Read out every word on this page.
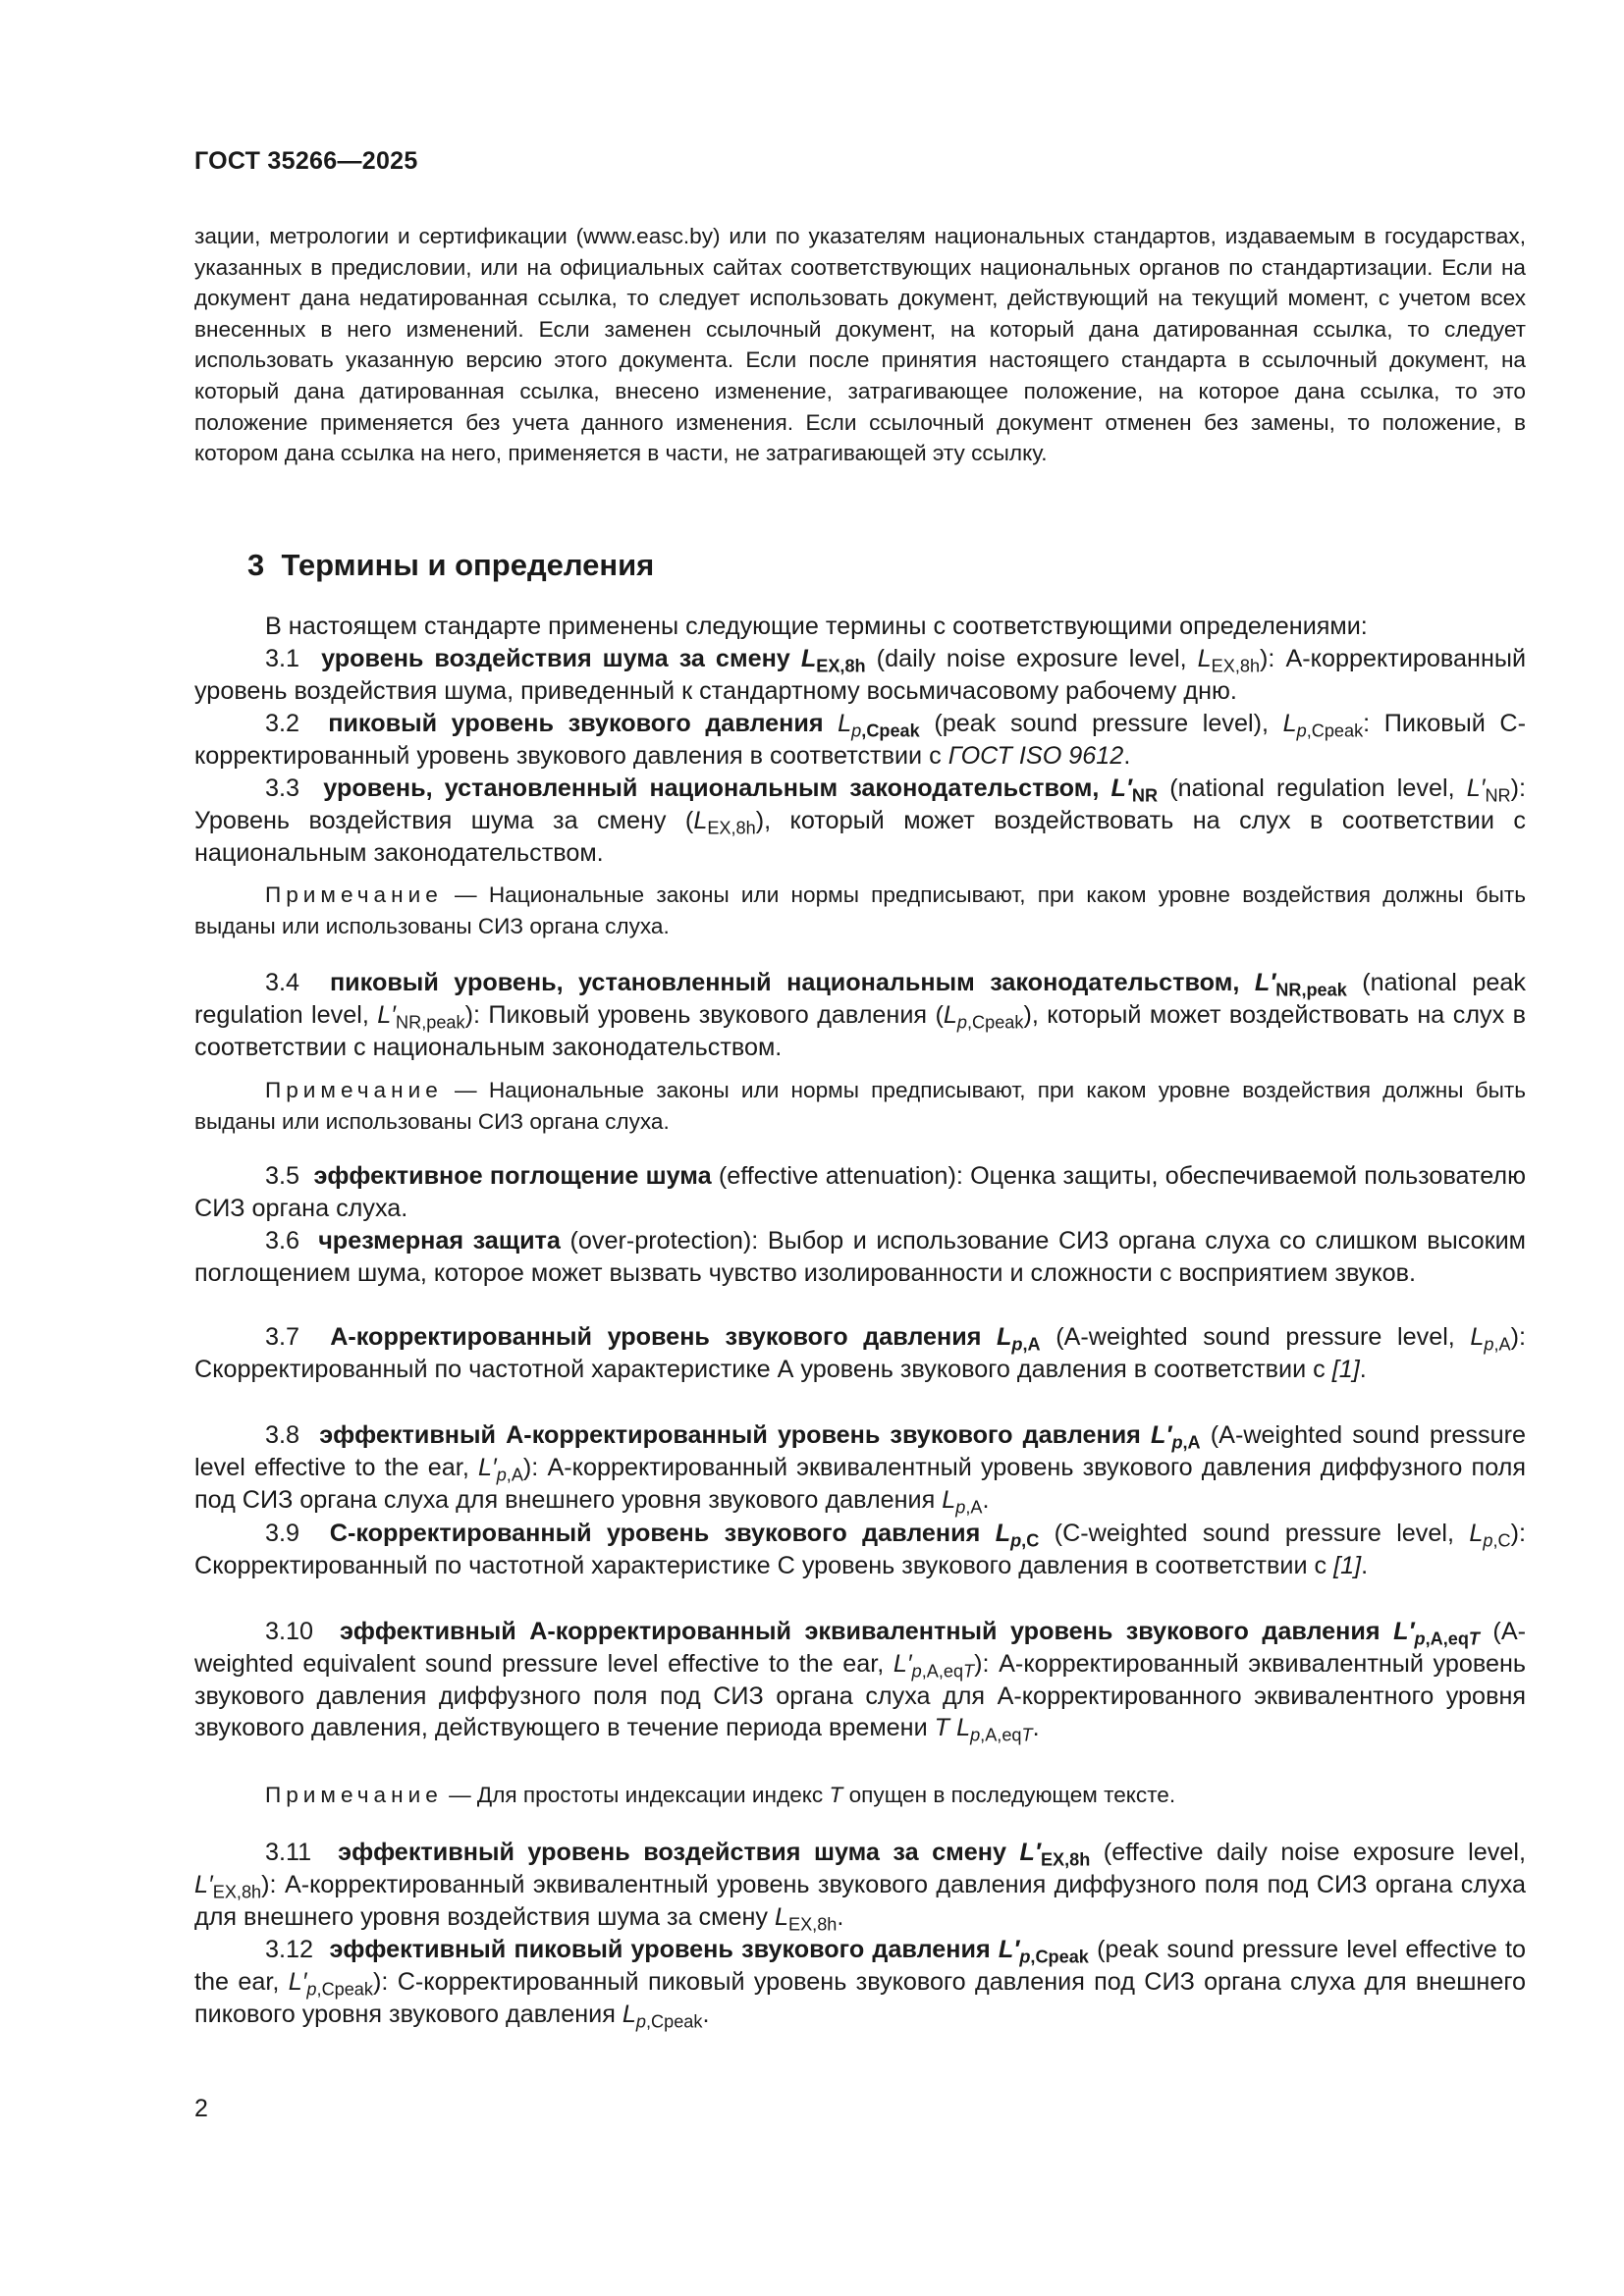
ГОСТ 35266—2025

зации, метрологии и сертификации (www.easc.by) или по указателям национальных стандартов, издаваемым в государствах, указанных в предисловии, или на официальных сайтах соответствующих национальных органов по стандартизации. Если на документ дана недатированная ссылка, то следует использовать документ, действующий на текущий момент, с учетом всех внесенных в него изменений. Если заменен ссылочный документ, на который дана датированная ссылка, то следует использовать указанную версию этого документа. Если после принятия настоящего стандарта в ссылочный документ, на который дана датированная ссылка, внесено изменение, затрагивающее положение, на которое дана ссылка, то это положение применяется без учета данного изменения. Если ссылочный документ отменен без замены, то положение, в котором дана ссылка на него, применяется в части, не затрагивающей эту ссылку.

3 Термины и определения

В настоящем стандарте применены следующие термины с соответствующими определениями:

3.1 уровень воздействия шума за смену $L_{EX,8h}$ (daily noise exposure level, $L_{EX,8h}$): А-корректированный уровень воздействия шума, приведенный к стандартному восьмичасовому рабочему дню.

3.2 пиковый уровень звукового давления $L_{p,Cpeak}$ (peak sound pressure level), $L_{p,Cpeak}$: Пиковый С-корректированный уровень звукового давления в соответствии с ГОСТ ISO 9612.

3.3 уровень, установленный национальным законодательством, $L'_{NR}$ (national regulation level, $L'_{NR}$): Уровень воздействия шума за смену $(L_{EX,8h})$, который может воздействовать на слух в соответствии с национальным законодательством.

Примечание — Национальные законы или нормы предписывают, при каком уровне воздействия должны быть выданы или использованы СИЗ органа слуха.

3.4 пиковый уровень, установленный национальным законодательством, $L'_{NR,peak}$ (national peak regulation level, $L'_{NR,peak}$): Пиковый уровень звукового давления $(L_{p,Cpeak})$, который может воздействовать на слух в соответствии с национальным законодательством.

Примечание — Национальные законы или нормы предписывают, при каком уровне воздействия должны быть выданы или использованы СИЗ органа слуха.

3.5 эффективное поглощение шума (effective attenuation): Оценка защиты, обеспечиваемой пользователю СИЗ органа слуха.

3.6 чрезмерная защита (over-protection): Выбор и использование СИЗ органа слуха со слишком высоким поглощением шума, которое может вызвать чувство изолированности и сложности с восприятием звуков.

3.7 А-корректированный уровень звукового давления $L_{p,A}$ (A-weighted sound pressure level, $L_{p,A}$): Скорректированный по частотной характеристике А уровень звукового давления в соответствии с [1].

3.8 эффективный А-корректированный уровень звукового давления $L'_{p,A}$ (A-weighted sound pressure level effective to the ear, $L'_{p,A}$): А-корректированный эквивалентный уровень звукового давления диффузного поля под СИЗ органа слуха для внешнего уровня звукового давления $L_{p,A}$.

3.9 С-корректированный уровень звукового давления $L_{p,C}$ (C-weighted sound pressure level, $L_{p,C}$): Скорректированный по частотной характеристике С уровень звукового давления в соответствии с [1].

3.10 эффективный А-корректированный эквивалентный уровень звукового давления $L'_{p,A,eqT}$ (A-weighted equivalent sound pressure level effective to the ear, $L'_{p,A,eqT}$): А-корректированный эквивалентный уровень звукового давления диффузного поля под СИЗ органа слуха для А-корректированного эквивалентного уровня звукового давления, действующего в течение периода времени T $L_{p,A,eqT}$.

Примечание — Для простоты индексации индекс T опущен в последующем тексте.

3.11 эффективный уровень воздействия шума за смену $L'_{EX,8h}$ (effective daily noise exposure level, $L'_{EX,8h}$): А-корректированный эквивалентный уровень звукового давления диффузного поля под СИЗ органа слуха для внешнего уровня воздействия шума за смену $L_{EX,8h}$.

3.12 эффективный пиковый уровень звукового давления $L'_{p,Cpeak}$ (peak sound pressure level effective to the ear, $L'_{p,Cpeak}$): С-корректированный пиковый уровень звукового давления под СИЗ органа слуха для внешнего пикового уровня звукового давления $L_{p,Cpeak}$.

2
